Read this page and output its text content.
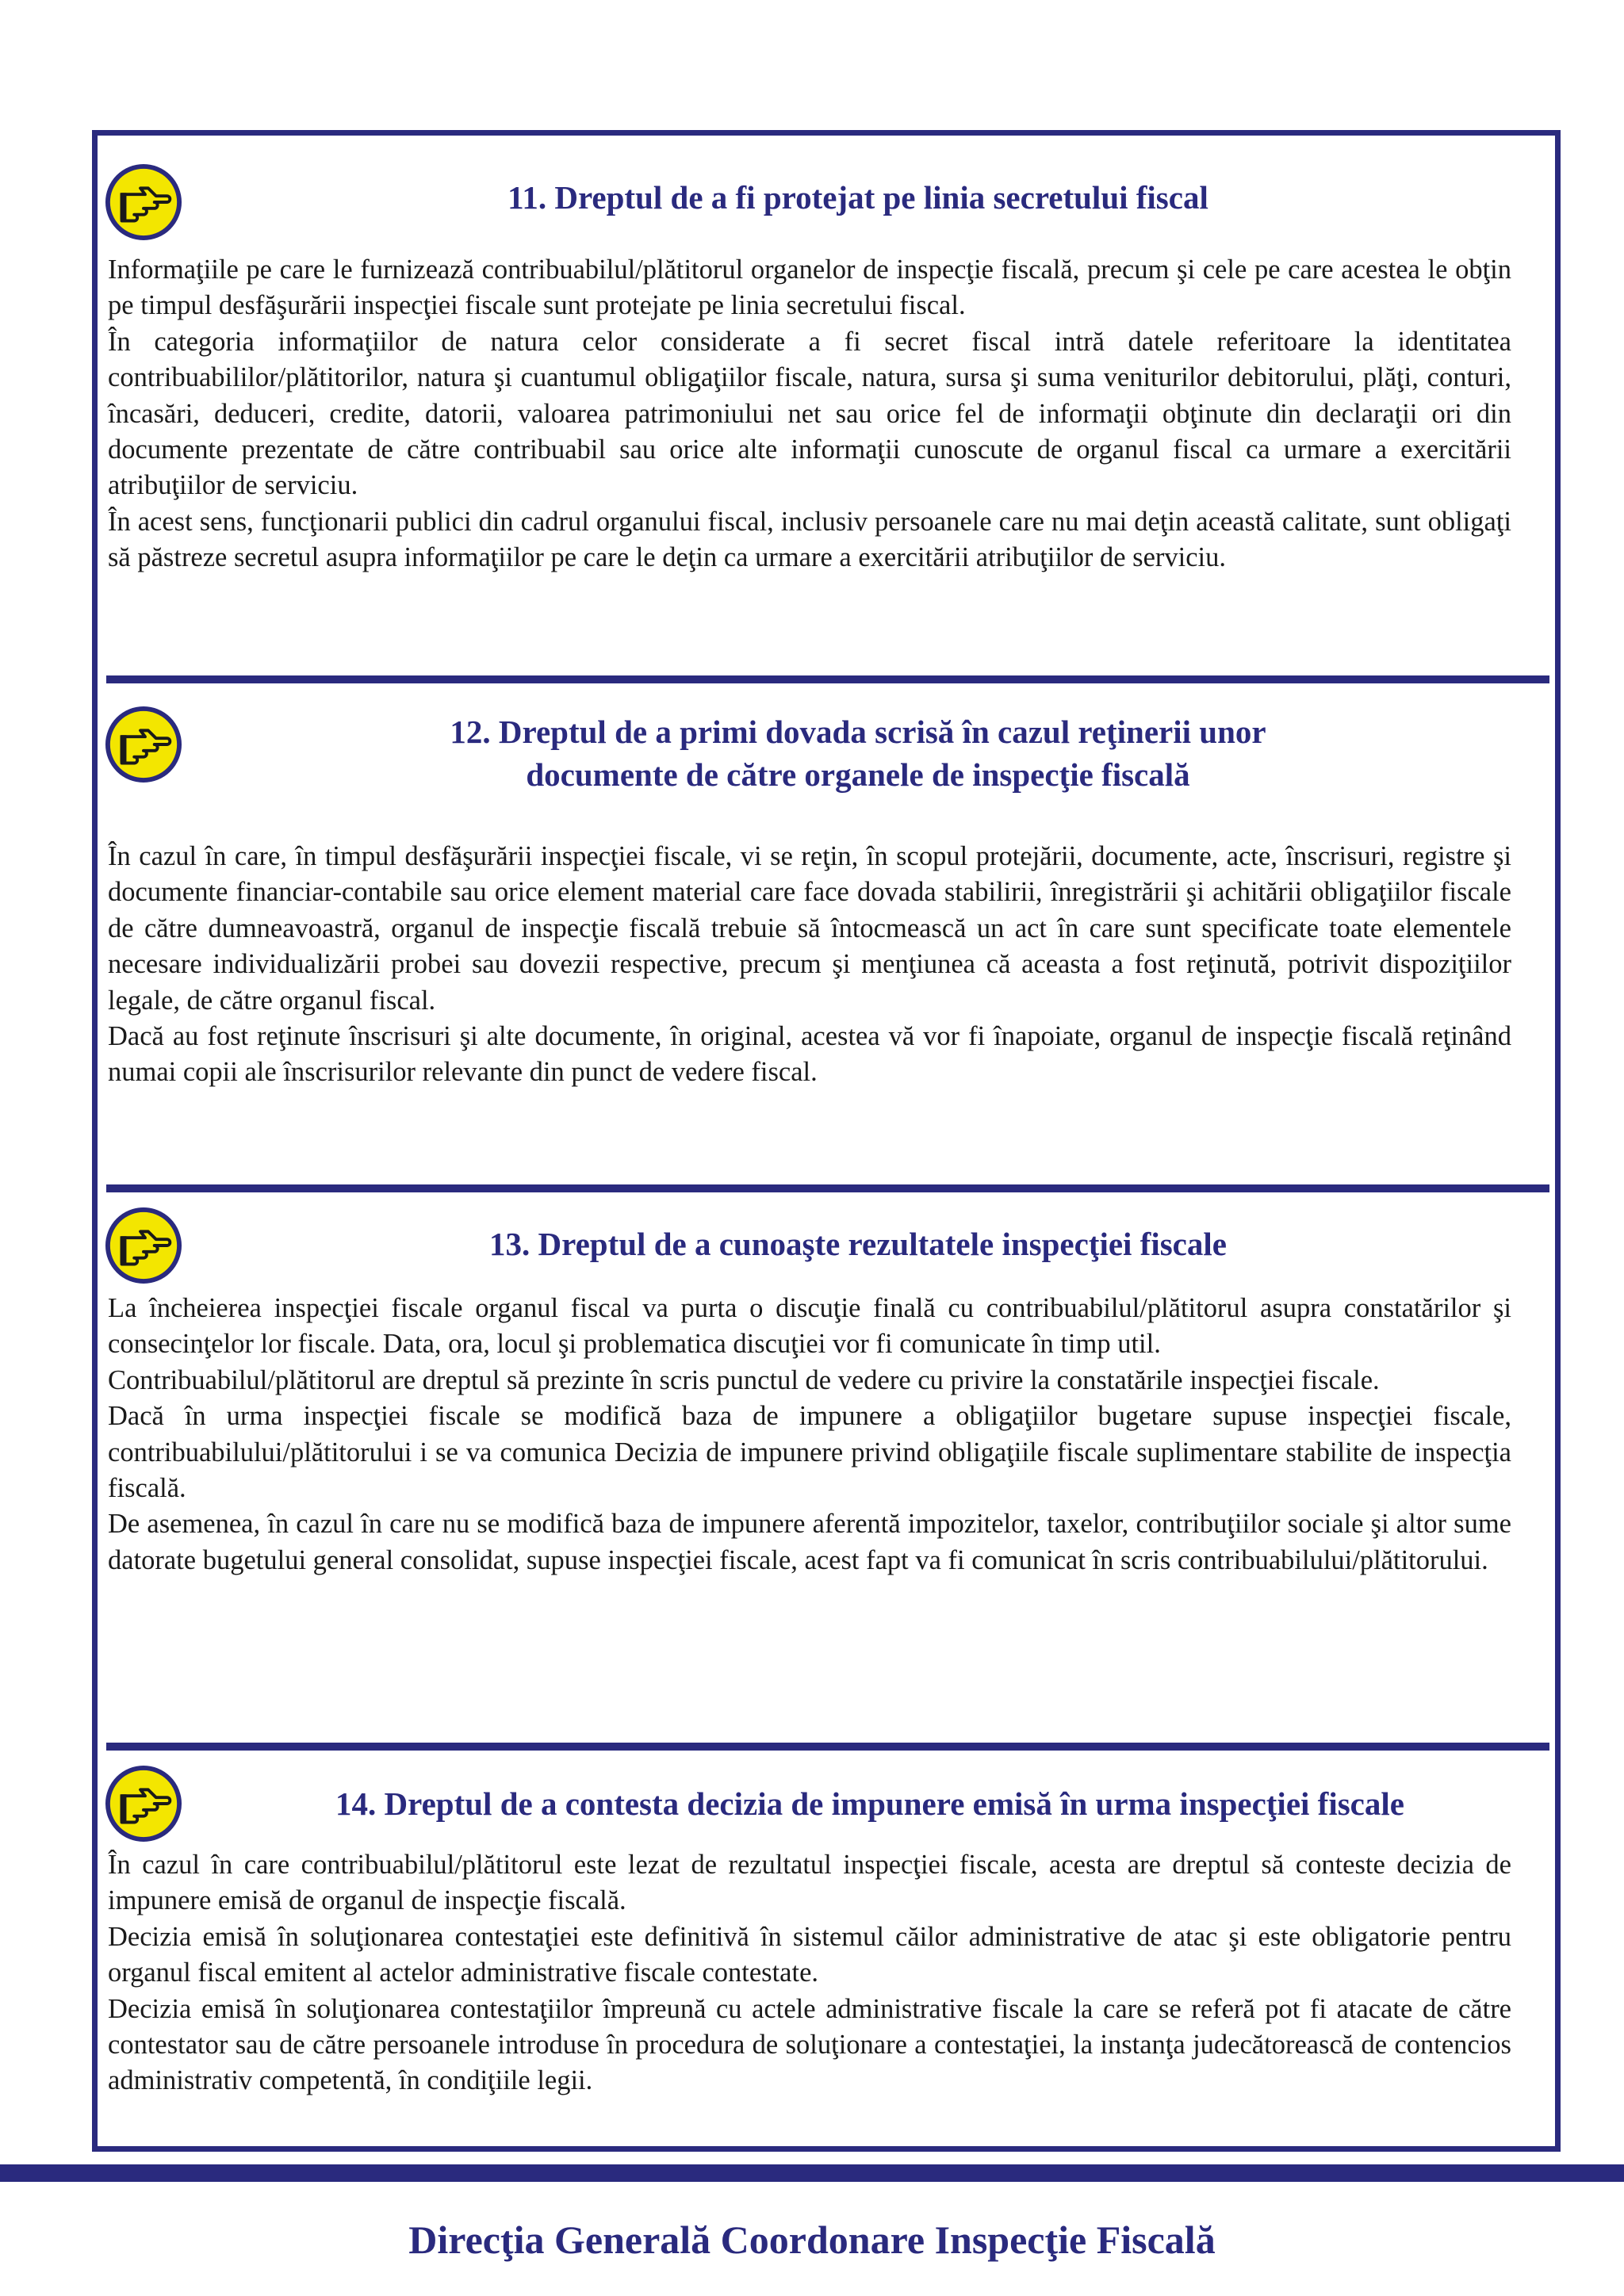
11. Dreptul de a fi protejat pe linia secretului fiscal

Informaţiile pe care le furnizează contribuabilul/plătitorul organelor de inspecţie fiscală, precum şi cele pe care acestea le obţin pe timpul desfăşurării inspecţiei fiscale sunt protejate pe linia secretului fiscal.

În categoria informaţiilor de natura celor considerate a fi secret fiscal intră datele referitoare la identitatea contribuabililor/plătitorilor, natura şi cuantumul obligaţiilor fiscale, natura, sursa şi suma veniturilor debitorului, plăţi, conturi, încasări, deduceri, credite, datorii, valoarea patrimoniului net sau orice fel de informaţii obţinute din declaraţii ori din documente prezentate de către contribuabil sau orice alte informaţii cunoscute de organul fiscal ca urmare a exercitării atribuţiilor de serviciu.

În acest sens, funcţionarii publici din cadrul organului fiscal, inclusiv persoanele care nu mai deţin această calitate, sunt obligaţi să păstreze secretul asupra informaţiilor pe care le deţin ca urmare a exercitării atribuţiilor de serviciu.

12. Dreptul de a primi dovada scrisă în cazul reţinerii unor
documente de către organele de inspecţie fiscală

În cazul în care, în timpul desfăşurării inspecţiei fiscale, vi se reţin, în scopul protejării, documente, acte, înscrisuri, registre şi documente financiar-contabile sau orice element material care face dovada stabilirii, înregistrării şi achitării obligaţiilor fiscale de către dumneavoastră, organul de inspecţie fiscală trebuie să întocmească un act în care sunt specificate toate elementele necesare individualizării probei sau dovezii respective, precum şi menţiunea că aceasta a fost reţinută, potrivit dispoziţiilor legale, de către organul fiscal.

Dacă au fost reţinute înscrisuri şi alte documente, în original, acestea vă vor fi înapoiate, organul de inspecţie fiscală reţinând numai copii ale înscrisurilor relevante din punct de vedere fiscal.

13. Dreptul de a cunoaşte rezultatele inspecţiei fiscale

La încheierea inspecţiei fiscale organul fiscal va purta o discuţie finală cu contribuabilul/plătitorul asupra constatărilor şi consecinţelor lor fiscale. Data, ora, locul şi problematica discuţiei vor fi comunicate în timp util.

Contribuabilul/plătitorul are dreptul să prezinte în scris punctul de vedere cu privire la constatările inspecţiei fiscale.

Dacă în urma inspecţiei fiscale se modifică baza de impunere a obligaţiilor bugetare supuse inspecţiei fiscale, contribuabilului/plătitorului i se va comunica Decizia de impunere privind obligaţiile fiscale suplimentare stabilite de inspecţia fiscală.

De asemenea, în cazul în care nu se modifică baza de impunere aferentă impozitelor, taxelor, contribuţiilor sociale şi altor sume datorate bugetului general consolidat, supuse inspecţiei fiscale, acest fapt va fi comunicat în scris contribuabilului/plătitorului.

14. Dreptul de a contesta decizia de impunere emisă în urma inspecţiei fiscale

În cazul în care contribuabilul/plătitorul este lezat de rezultatul inspecţiei fiscale, acesta are dreptul să conteste decizia de impunere emisă de organul de inspecţie fiscală.

Decizia emisă în soluţionarea contestaţiei este definitivă în sistemul căilor administrative de atac şi este obligatorie pentru organul fiscal emitent al actelor administrative fiscale contestate.

Decizia emisă în soluţionarea contestaţiilor împreună cu actele administrative fiscale la care se referă pot fi atacate de către contestator sau de către persoanele introduse în procedura de soluţionare a contestaţiei, la instanţa judecătorească de contencios administrativ competentă, în condiţiile legii.

Direcţia Generală Coordonare Inspecţie Fiscală
